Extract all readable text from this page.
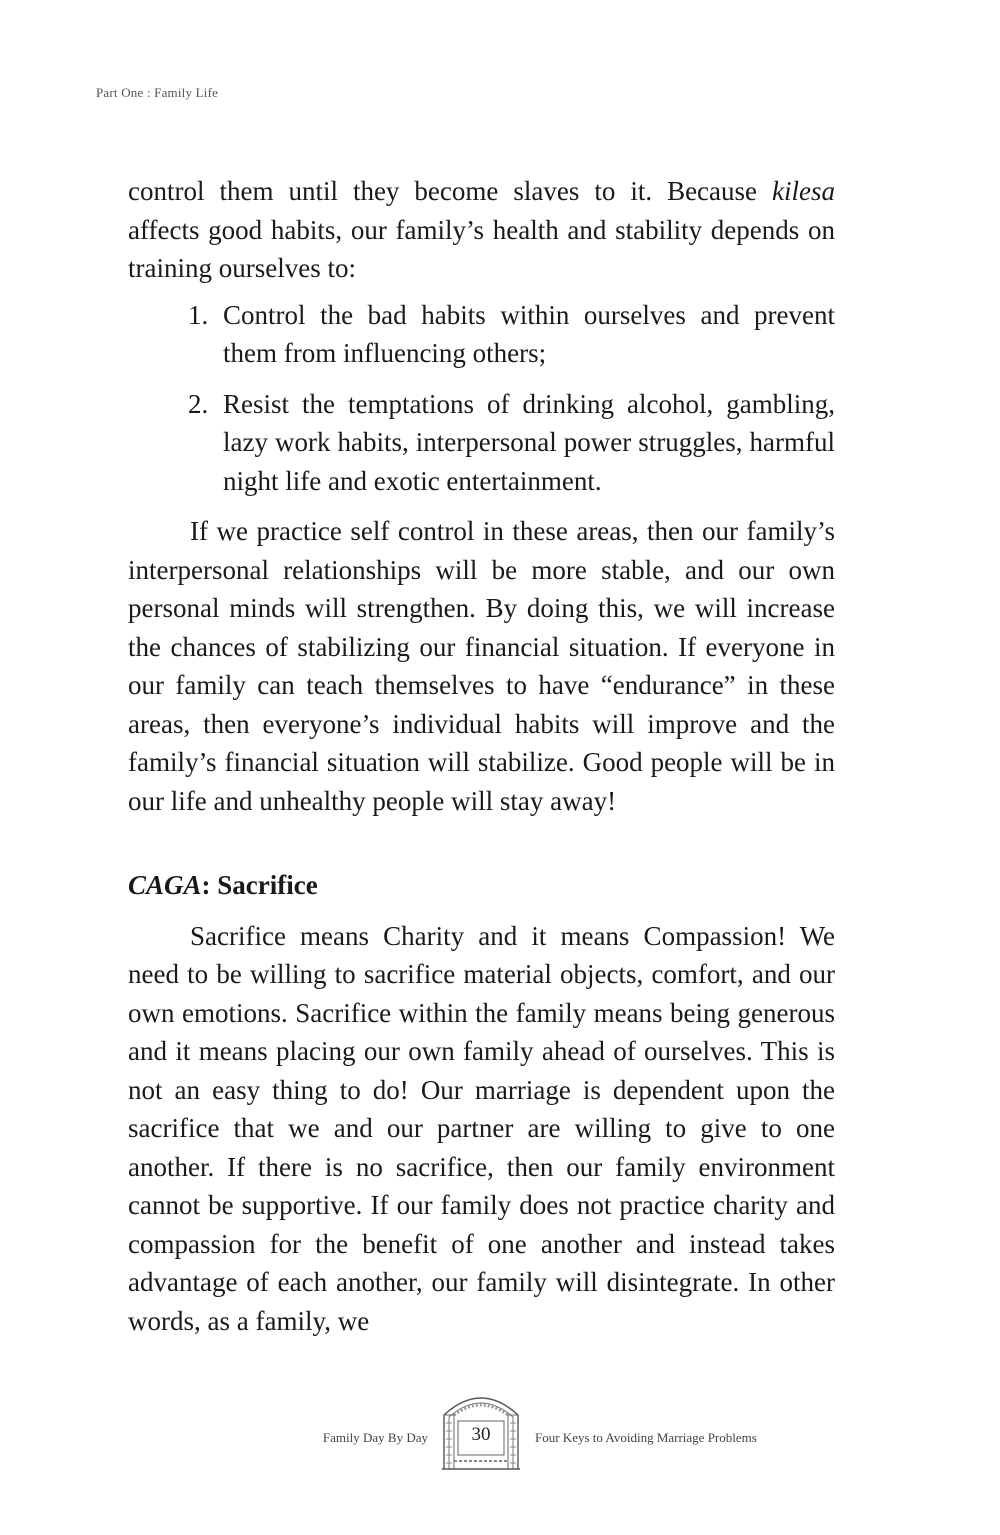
Part One : Family Life

control them until they become slaves to it. Because kilesa affects good habits, our family’s health and stability depends on training ourselves to:

1. Control the bad habits within ourselves and prevent them from influencing others;
2. Resist the temptations of drinking alcohol, gambling, lazy work habits, interpersonal power struggles, harmful night life and exotic entertainment.

If we practice self control in these areas, then our family’s interpersonal relationships will be more stable, and our own personal minds will strengthen. By doing this, we will increase the chances of stabilizing our financial situation. If everyone in our family can teach themselves to have “endurance” in these areas, then everyone’s individual habits will improve and the family’s financial situation will stabilize. Good people will be in our life and unhealthy people will stay away!

CAGA: Sacrifice

Sacrifice means Charity and it means Compassion! We need to be willing to sacrifice material objects, comfort, and our own emotions. Sacrifice within the family means being generous and it means placing our own family ahead of ourselves. This is not an easy thing to do! Our marriage is dependent upon the sacrifice that we and our partner are willing to give to one another. If there is no sacrifice, then our family environment cannot be supportive. If our family does not practice charity and compassion for the benefit of one another and instead takes advantage of each another, our family will disintegrate. In other words, as a family, we

Family Day By Day	30	Four Keys to Avoiding Marriage Problems
